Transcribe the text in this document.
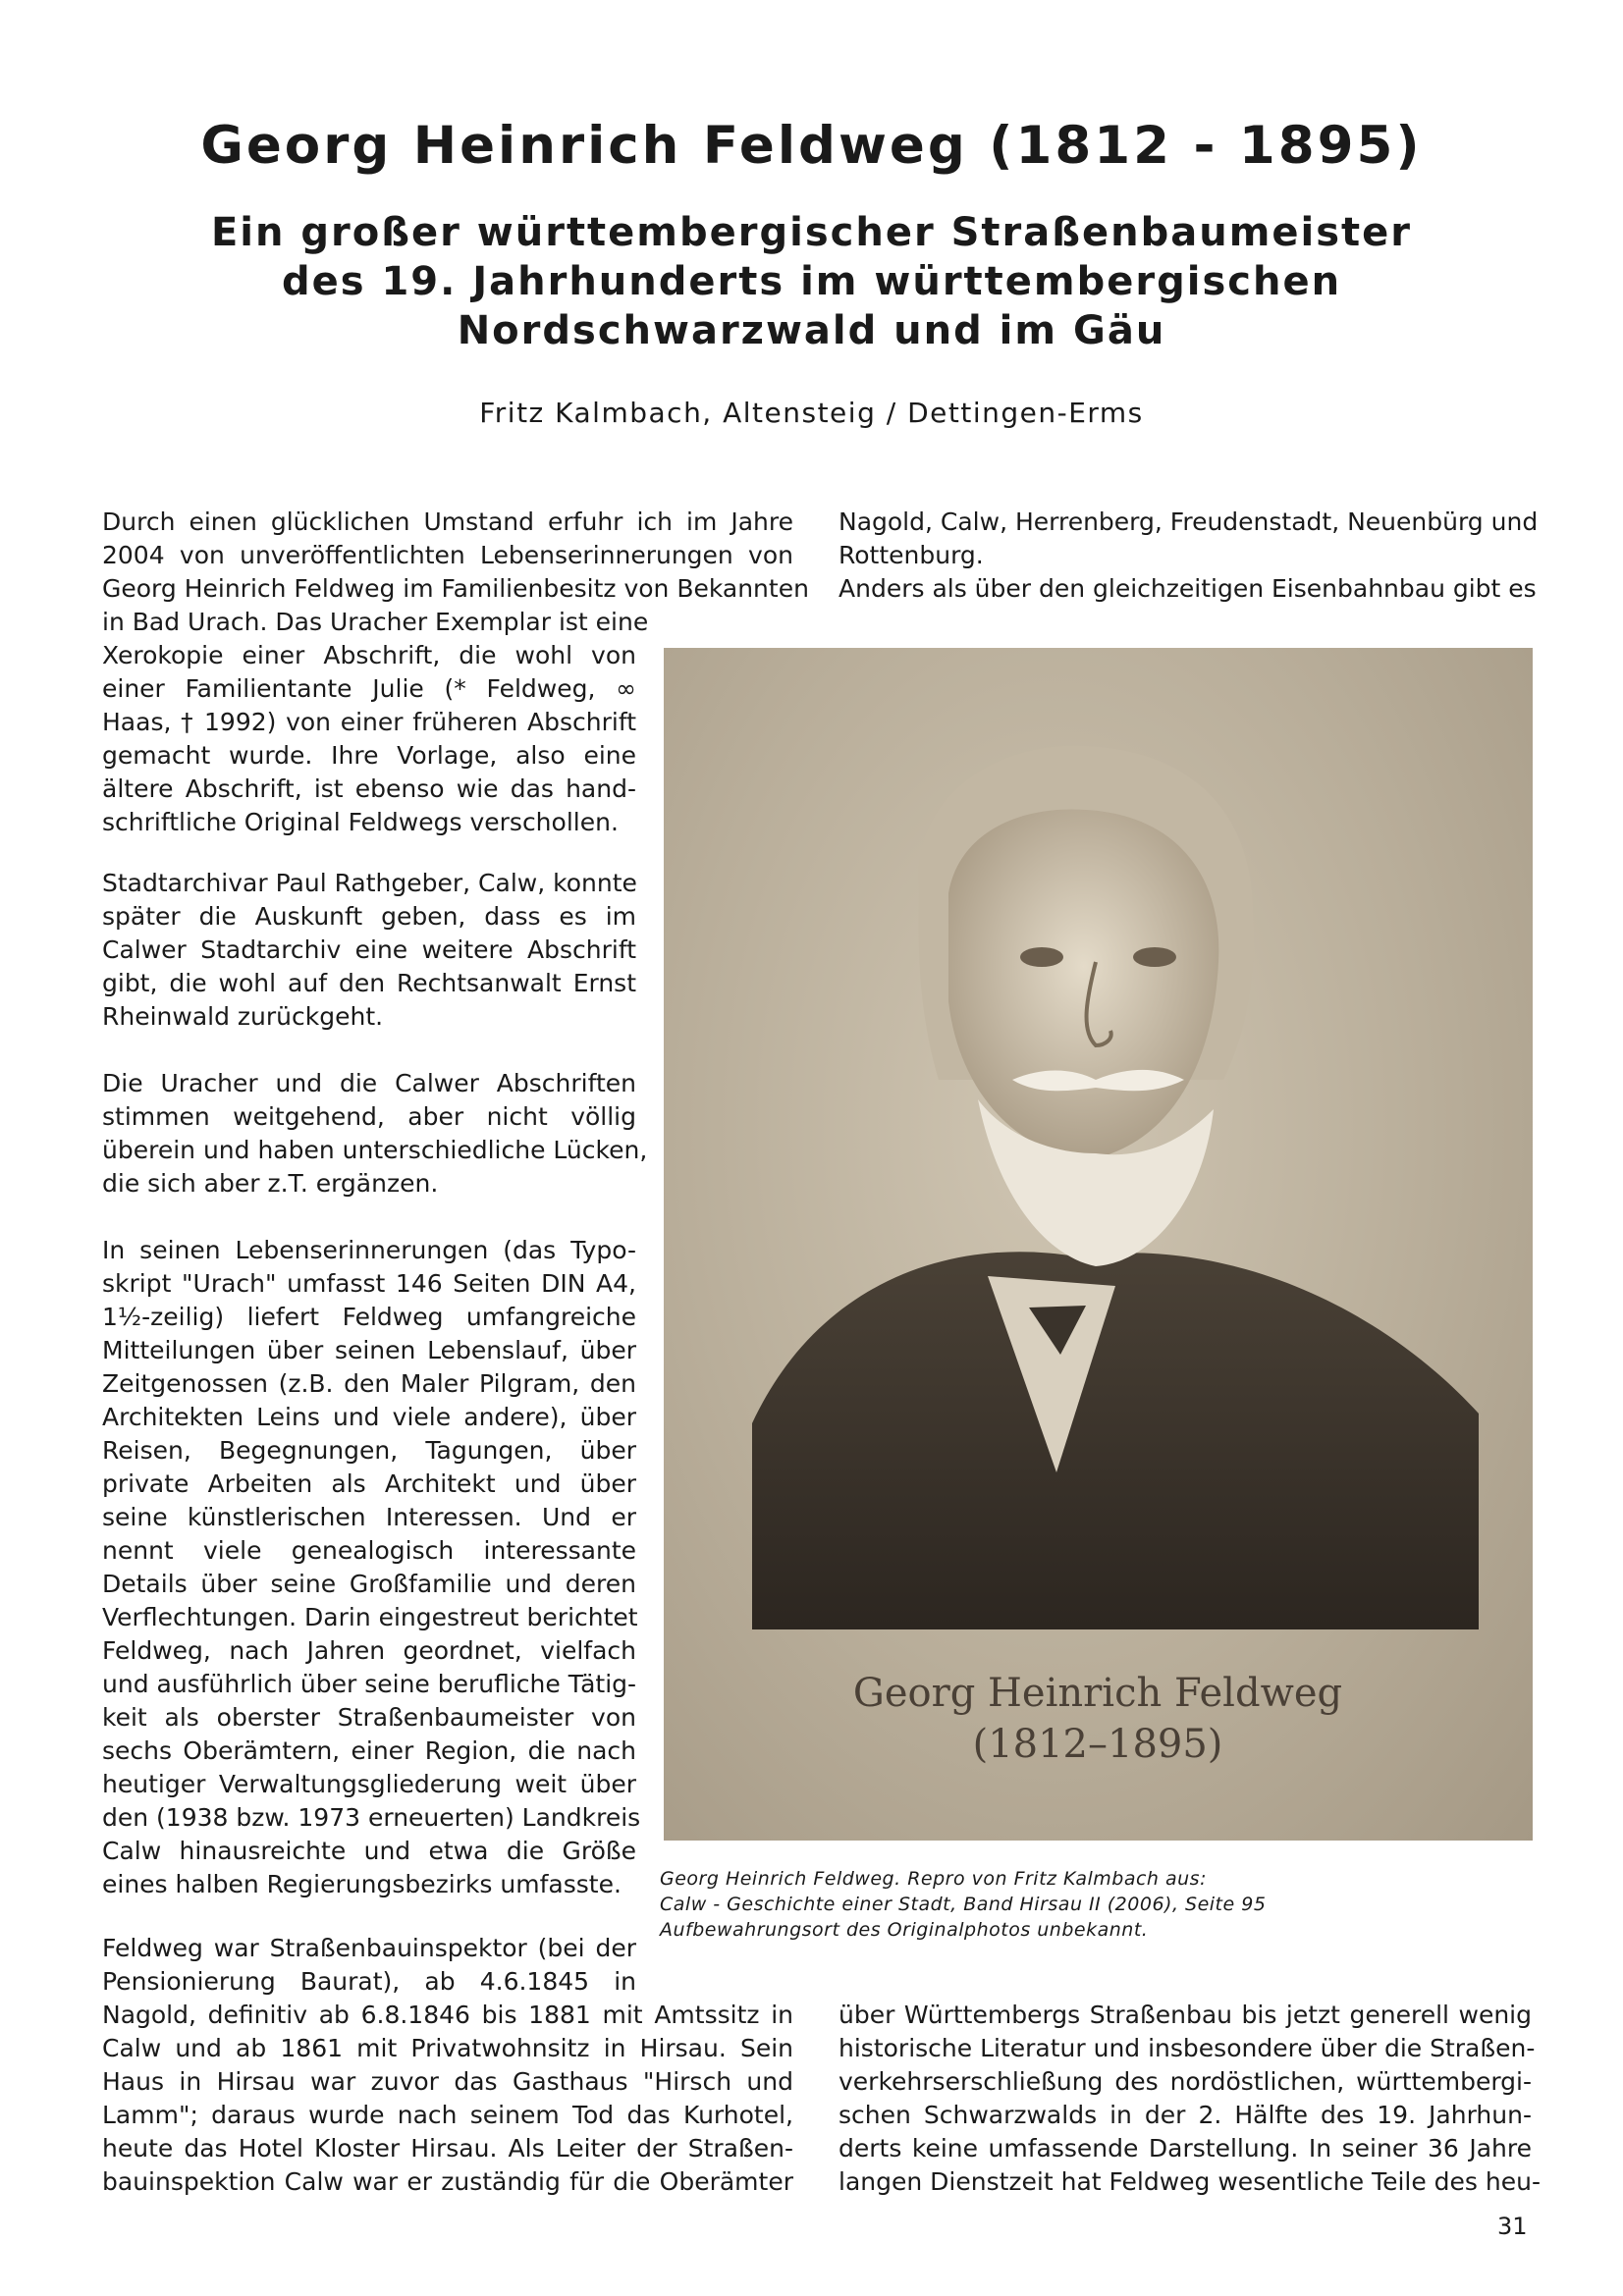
Georg Heinrich Feldweg (1812 - 1895)
Ein großer württembergischer Straßenbaumeister
des 19. Jahrhunderts im württembergischen
Nordschwarzwald und im Gäu

Fritz Kalmbach, Altensteig / Dettingen-Erms

Durch einen glücklichen Umstand erfuhr ich im Jahre
2004 von unveröffentlichten Lebenserinnerungen von
Georg Heinrich Feldweg im Familienbesitz von Bekannten
in Bad Urach. Das Uracher Exemplar ist eine
Xerokopie einer Abschrift, die wohl von
einer Familientante Julie (* Feldweg, ∞
Haas, † 1992) von einer früheren Abschrift
gemacht wurde. Ihre Vorlage, also eine
ältere Abschrift, ist ebenso wie das hand-
schriftliche Original Feldwegs verschollen.
Stadtarchivar Paul Rathgeber, Calw, konnte
später die Auskunft geben, dass es im
Calwer Stadtarchiv eine weitere Abschrift
gibt, die wohl auf den Rechtsanwalt Ernst
Rheinwald zurückgeht.
Die Uracher und die Calwer Abschriften
stimmen weitgehend, aber nicht völlig
überein und haben unterschiedliche Lücken,
die sich aber z.T. ergänzen.
In seinen Lebenserinnerungen (das Typo-
skript "Urach" umfasst 146 Seiten DIN A4,
1½-zeilig) liefert Feldweg umfangreiche
Mitteilungen über seinen Lebenslauf, über
Zeitgenossen (z.B. den Maler Pilgram, den
Architekten Leins und viele andere), über
Reisen, Begegnungen, Tagungen, über
private Arbeiten als Architekt und über
seine künstlerischen Interessen. Und er
nennt viele genealogisch interessante
Details über seine Großfamilie und deren
Verflechtungen. Darin eingestreut berichtet
Feldweg, nach Jahren geordnet, vielfach
und ausführlich über seine berufliche Tätig-
keit als oberster Straßenbaumeister von
sechs Oberämtern, einer Region, die nach
heutiger Verwaltungsgliederung weit über
den (1938 bzw. 1973 erneuerten) Landkreis
Calw hinausreichte und etwa die Größe
eines halben Regierungsbezirks umfasste.
Feldweg war Straßenbauinspektor (bei der
Pensionierung Baurat), ab 4.6.1845 in
Nagold, definitiv ab 6.8.1846 bis 1881 mit Amtssitz in
Calw und ab 1861 mit Privatwohnsitz in Hirsau. Sein
Haus in Hirsau war zuvor das Gasthaus "Hirsch und
Lamm"; daraus wurde nach seinem Tod das Kurhotel,
heute das Hotel Kloster Hirsau. Als Leiter der Straßen-
bauinspektion Calw war er zuständig für die Oberämter
Nagold, Calw, Herrenberg, Freudenstadt, Neuenbürg und
Rottenburg.
Anders als über den gleichzeitigen Eisenbahnbau gibt es
Georg Heinrich Feldweg
(1812–1895)
Georg Heinrich Feldweg. Repro von Fritz Kalmbach aus:
Calw - Geschichte einer Stadt, Band Hirsau II (2006), Seite 95
Aufbewahrungsort des Originalphotos unbekannt.
über Württembergs Straßenbau bis jetzt generell wenig
historische Literatur und insbesondere über die Straßen-
verkehrserschließung des nordöstlichen, württembergi-
schen Schwarzwalds in der 2. Hälfte des 19. Jahrhun-
derts keine umfassende Darstellung. In seiner 36 Jahre
langen Dienstzeit hat Feldweg wesentliche Teile des heu-

31
